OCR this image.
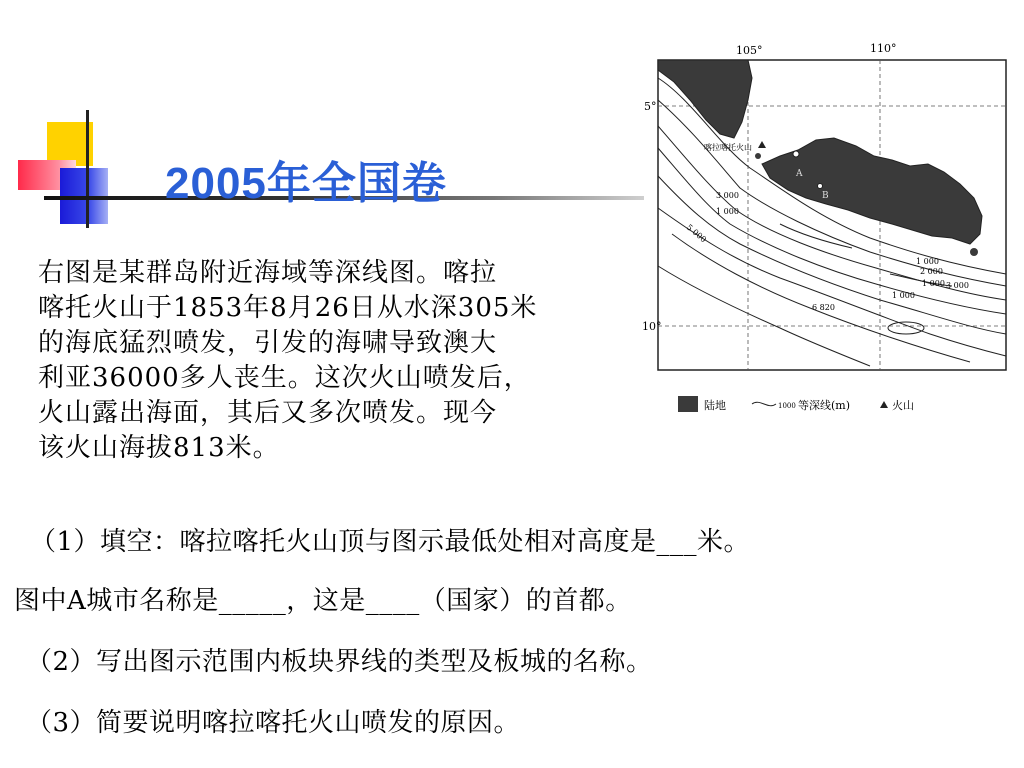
2005年全国卷
右图是某群岛附近海域等深线图。喀拉
喀托火山于1853年8月26日从水深305米
的海底猛烈喷发，引发的海啸导致澳大
利亚36000多人丧生。这次火山喷发后，
火山露出海面，其后又多次喷发。现今
该火山海拔813米。
（1）填空：喀拉喀托火山顶与图示最低处相对高度是___米。
图中A城市名称是_____，这是____（国家）的首都。
（2）写出图示范围内板块界线的类型及板城的名称。
（3）简要说明喀拉喀托火山喷发的原因。
105°	110°
5°
10°
3 000
1 000
1 000
2 000
1 000
3 000
1 000
5 000
6 820
喀拉喀托火山
A
B
陆地	1000 等深线(m)	火山
